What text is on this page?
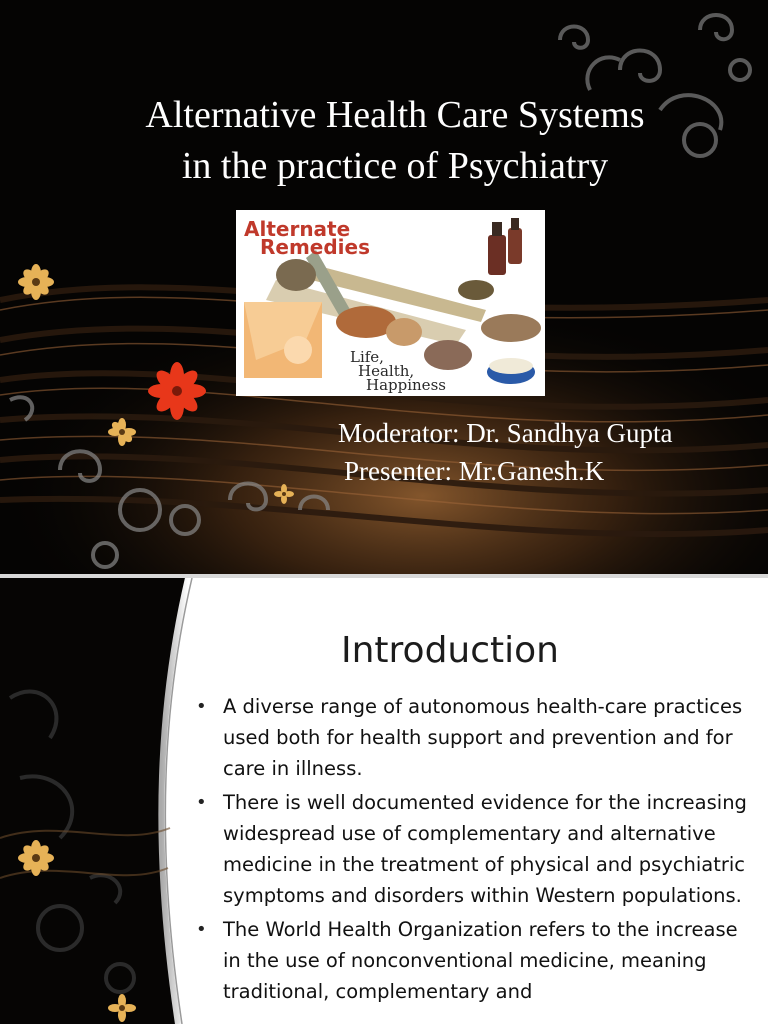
Alternative Health Care Systems
in the practice of Psychiatry
Alternate
Remedies
Life,
Health,
Happiness
Moderator: Dr. Sandhya Gupta
Presenter: Mr.Ganesh.K
Introduction
• A diverse range of autonomous health-care practices used both for health support and prevention and for care in illness.
• There is well documented evidence for the increasing widespread use of complementary and alternative medicine in the treatment of physical and psychiatric symptoms and disorders within Western populations.
• The World Health Organization refers to the increase in the use of nonconventional medicine, meaning traditional, complementary and
